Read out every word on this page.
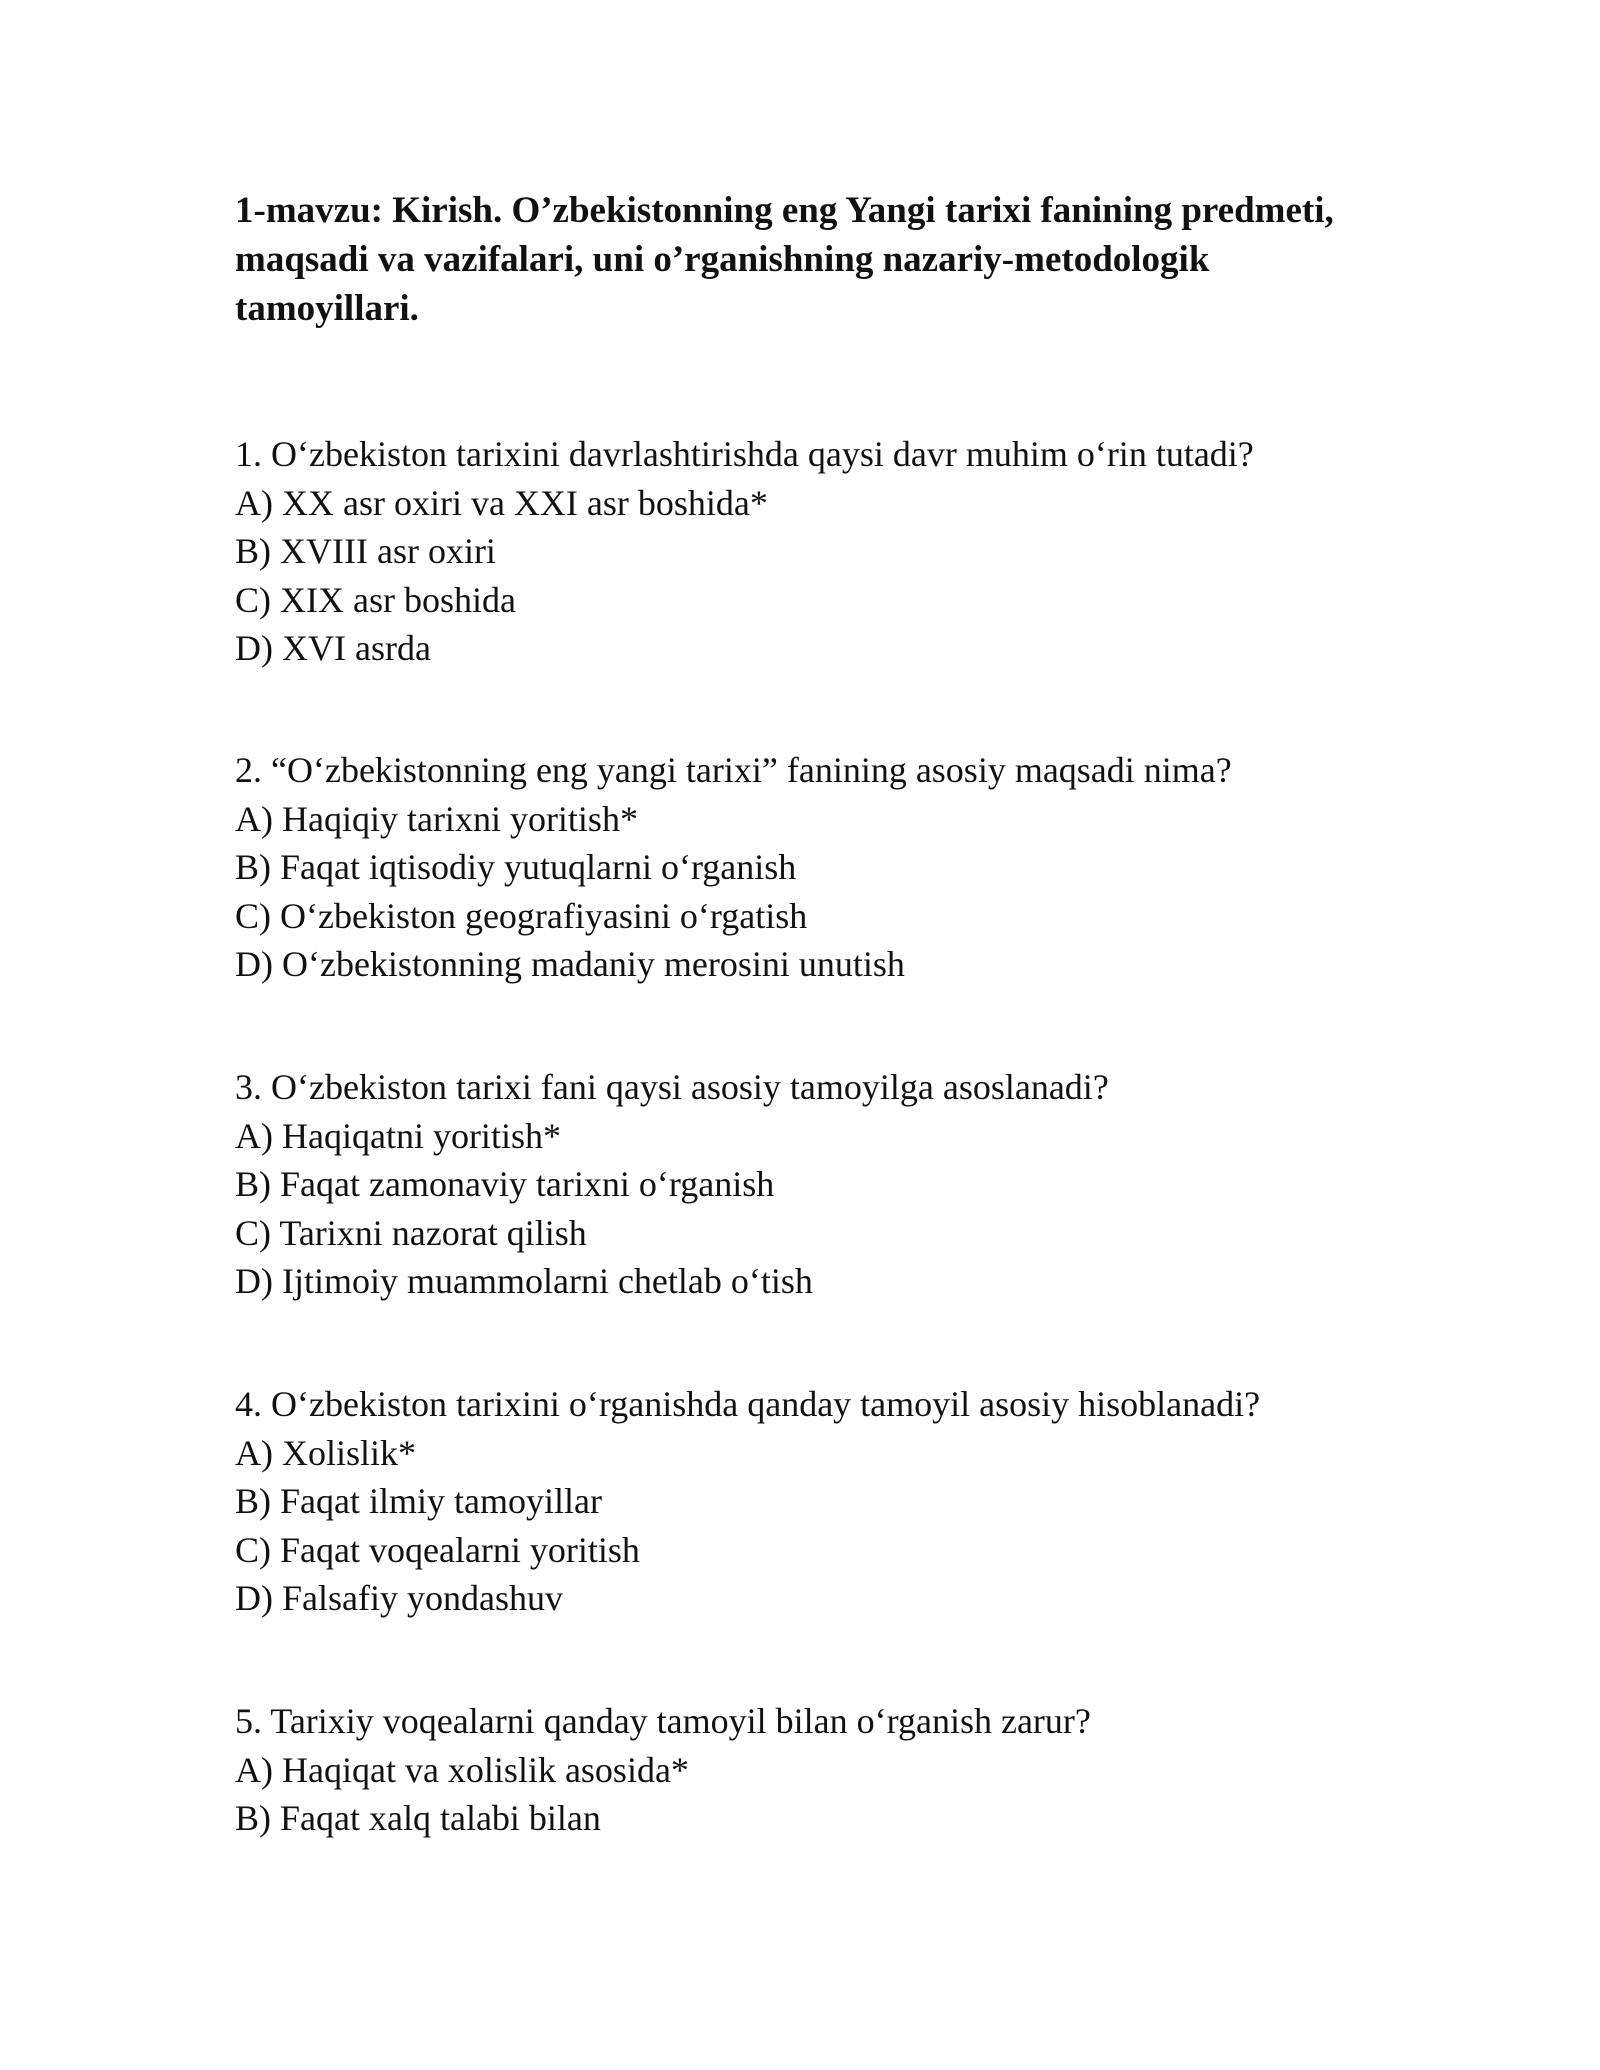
1-mavzu: Kirish. O’zbekistonning eng Yangi tarixi fanining predmeti, maqsadi va vazifalari, uni o’rganishning nazariy-metodologik tamoyillari.
1. O‘zbekiston tarixini davrlashtirishda qaysi davr muhim o‘rin tutadi?
A) XX asr oxiri va XXI asr boshida*
B) XVIII asr oxiri
C) XIX asr boshida
D) XVI asrda
2. “O‘zbekistonning eng yangi tarixi” fanining asosiy maqsadi nima?
A) Haqiqiy tarixni yoritish*
B) Faqat iqtisodiy yutuqlarni o‘rganish
C) O‘zbekiston geografiyasini o‘rgatish
D) O‘zbekistonning madaniy merosini unutish
3. O‘zbekiston tarixi fani qaysi asosiy tamoyilga asoslanadi?
A) Haqiqatni yoritish*
B) Faqat zamonaviy tarixni o‘rganish
C) Tarixni nazorat qilish
D) Ijtimoiy muammolarni chetlab o‘tish
4. O‘zbekiston tarixini o‘rganishda qanday tamoyil asosiy hisoblanadi?
A) Xolislik*
B) Faqat ilmiy tamoyillar
C) Faqat voqealarni yoritish
D) Falsafiy yondashuv
5. Tarixiy voqealarni qanday tamoyil bilan o‘rganish zarur?
A) Haqiqat va xolislik asosida*
B) Faqat xalq talabi bilan
